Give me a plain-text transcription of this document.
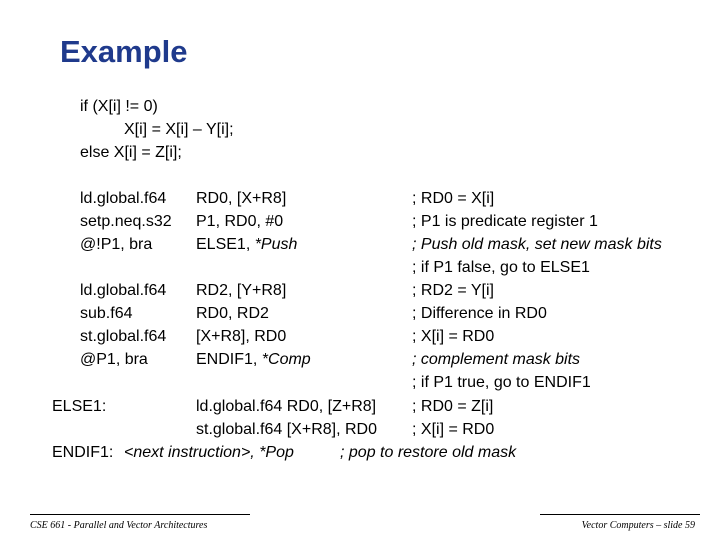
Example
if (X[i] != 0)
X[i] = X[i] – Y[i];
else X[i] = Z[i];
ld.global.f64 RD0, [X+R8]	; RD0 = X[i]
setp.neq.s32 P1, RD0, #0	; P1 is predicate register 1
@!P1, bra	ELSE1, *Push	; Push old mask, set new mask bits
; if P1 false, go to ELSE1
ld.global.f64 RD2, [Y+R8]	; RD2 = Y[i]
sub.f64	RD0, RD2	; Difference in RD0
st.global.f64 [X+R8], RD0	; X[i] = RD0
@P1, bra	ENDIF1, *Comp	; complement mask bits
; if P1 true, go to ENDIF1
ELSE1:	ld.global.f64 RD0, [Z+R8] ; RD0 = Z[i]
st.global.f64 [X+R8], RD0 ; X[i] = RD0
ENDIF1: <next instruction>, *Pop	; pop to restore old mask
CSE 661 - Parallel and Vector Architectures	Vector Computers – slide 59
